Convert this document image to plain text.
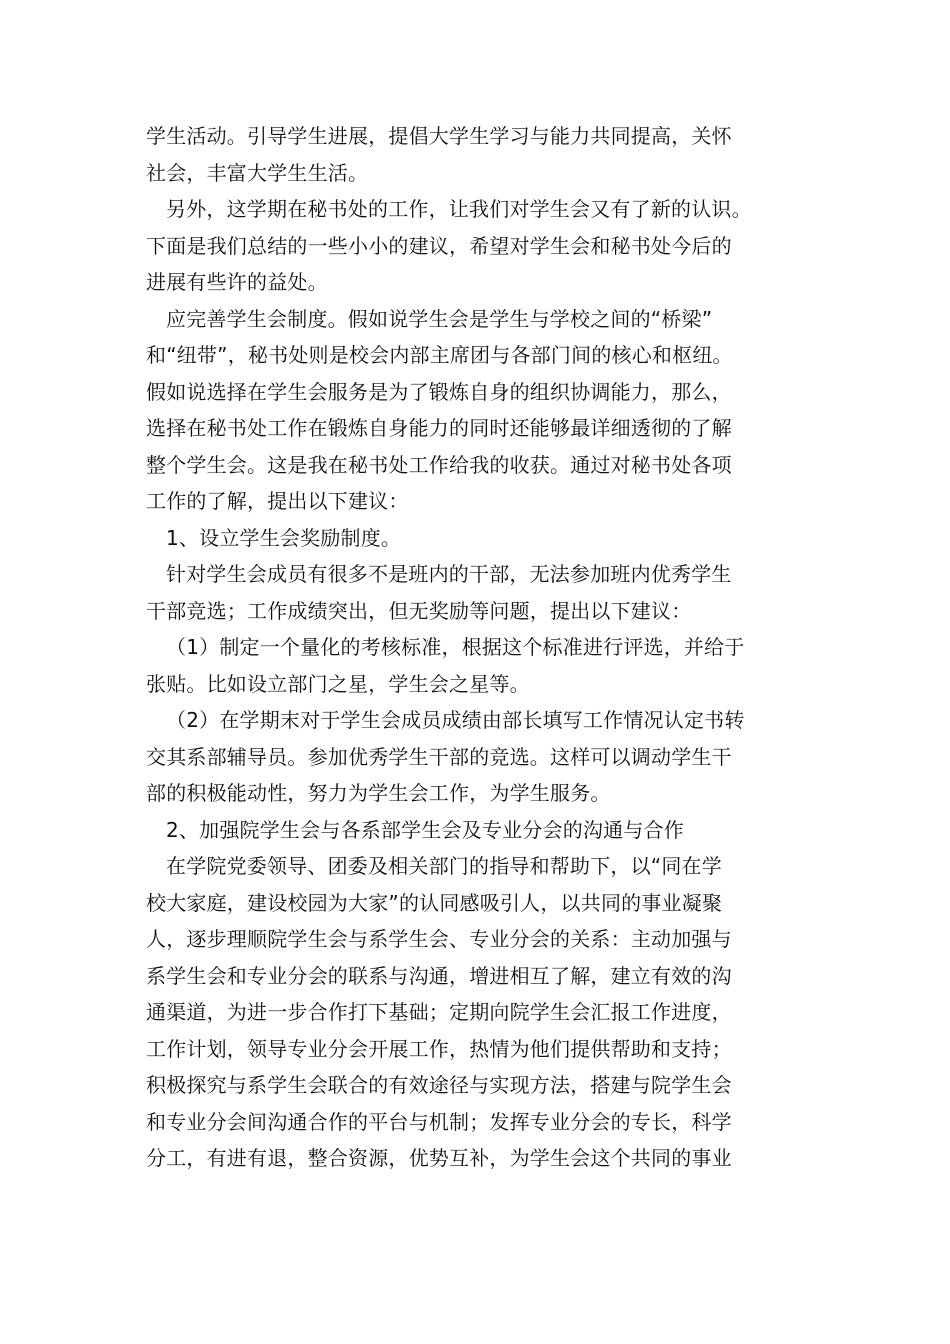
学生活动。引导学生进展，提倡大学生学习与能力共同提高，关怀
社会，丰富大学生生活。
另外，这学期在秘书处的工作，让我们对学生会又有了新的认识。
下面是我们总结的一些小小的建议，希望对学生会和秘书处今后的
进展有些许的益处。
应完善学生会制度。假如说学生会是学生与学校之间的“桥梁”
和“纽带”，秘书处则是校会内部主席团与各部门间的核心和枢纽。
假如说选择在学生会服务是为了锻炼自身的组织协调能力，那么，
选择在秘书处工作在锻炼自身能力的同时还能够最详细透彻的了解
整个学生会。这是我在秘书处工作给我的收获。通过对秘书处各项
工作的了解，提出以下建议：
1、设立学生会奖励制度。
针对学生会成员有很多不是班内的干部，无法参加班内优秀学生
干部竞选；工作成绩突出，但无奖励等问题，提出以下建议：
（1）制定一个量化的考核标准，根据这个标准进行评选，并给于
张贴。比如设立部门之星，学生会之星等。
（2）在学期末对于学生会成员成绩由部长填写工作情况认定书转
交其系部辅导员。参加优秀学生干部的竞选。这样可以调动学生干
部的积极能动性，努力为学生会工作，为学生服务。
2、加强院学生会与各系部学生会及专业分会的沟通与合作
在学院党委领导、团委及相关部门的指导和帮助下，以“同在学
校大家庭，建设校园为大家”的认同感吸引人，以共同的事业凝聚
人，逐步理顺院学生会与系学生会、专业分会的关系：主动加强与
系学生会和专业分会的联系与沟通，增进相互了解，建立有效的沟
通渠道，为进一步合作打下基础；定期向院学生会汇报工作进度，
工作计划，领导专业分会开展工作，热情为他们提供帮助和支持；
积极探究与系学生会联合的有效途径与实现方法，搭建与院学生会
和专业分会间沟通合作的平台与机制；发挥专业分会的专长，科学
分工，有进有退，整合资源，优势互补，为学生会这个共同的事业
